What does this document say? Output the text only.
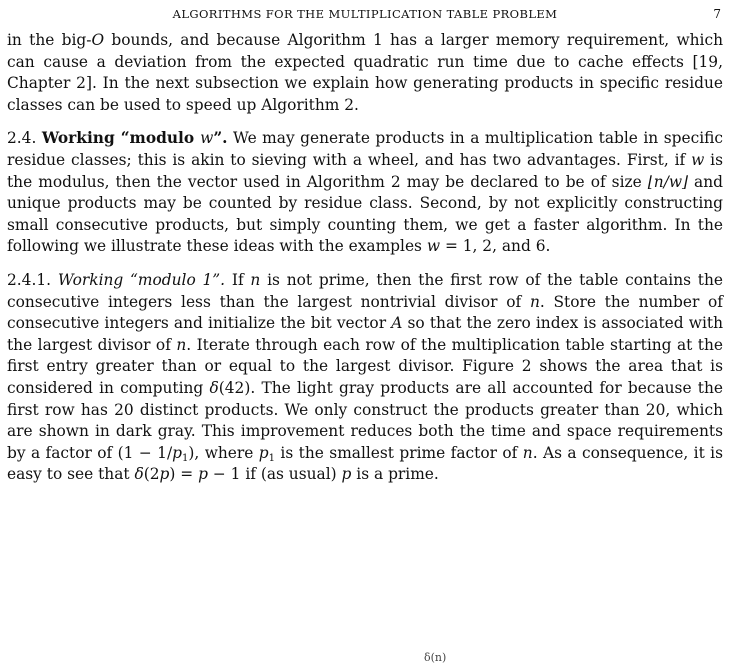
ALGORITHMS FOR THE MULTIPLICATION TABLE PROBLEM	7

in the big-O bounds, and because Algorithm 1 has a larger memory requirement, which can cause a deviation from the expected quadratic run time due to cache effects [19, Chapter 2]. In the next subsection we explain how generating products in specific residue classes can be used to speed up Algorithm 2.

2.4. Working “modulo w”. We may generate products in a multiplication table in specific residue classes; this is akin to sieving with a wheel, and has two advantages. First, if w is the modulus, then the vector used in Algorithm 2 may be declared to be of size ⌊n/w⌋ and unique products may be counted by residue class. Second, by not explicitly constructing small consecutive products, but simply counting them, we get a faster algorithm. In the following we illustrate these ideas with the examples w = 1, 2, and 6.

2.4.1. Working “modulo 1”. If n is not prime, then the first row of the table contains the consecutive integers less than the largest nontrivial divisor of n. Store the number of consecutive integers and initialize the bit vector A so that the zero index is associated with the largest divisor of n. Iterate through each row of the multiplication table starting at the first entry greater than or equal to the largest divisor. Figure 2 shows the area that is considered in computing δ(42). The light gray products are all accounted for because the first row has 20 distinct products. We only construct the products greater than 20, which are shown in dark gray. This improvement reduces both the time and space requirements by a factor of $(1 - 1/p_1)$, where $p_1$ is the smallest prime factor of n. As a consequence, it is easy to see that δ(2p) = p − 1 if (as usual) p is a prime.

δ(n)
